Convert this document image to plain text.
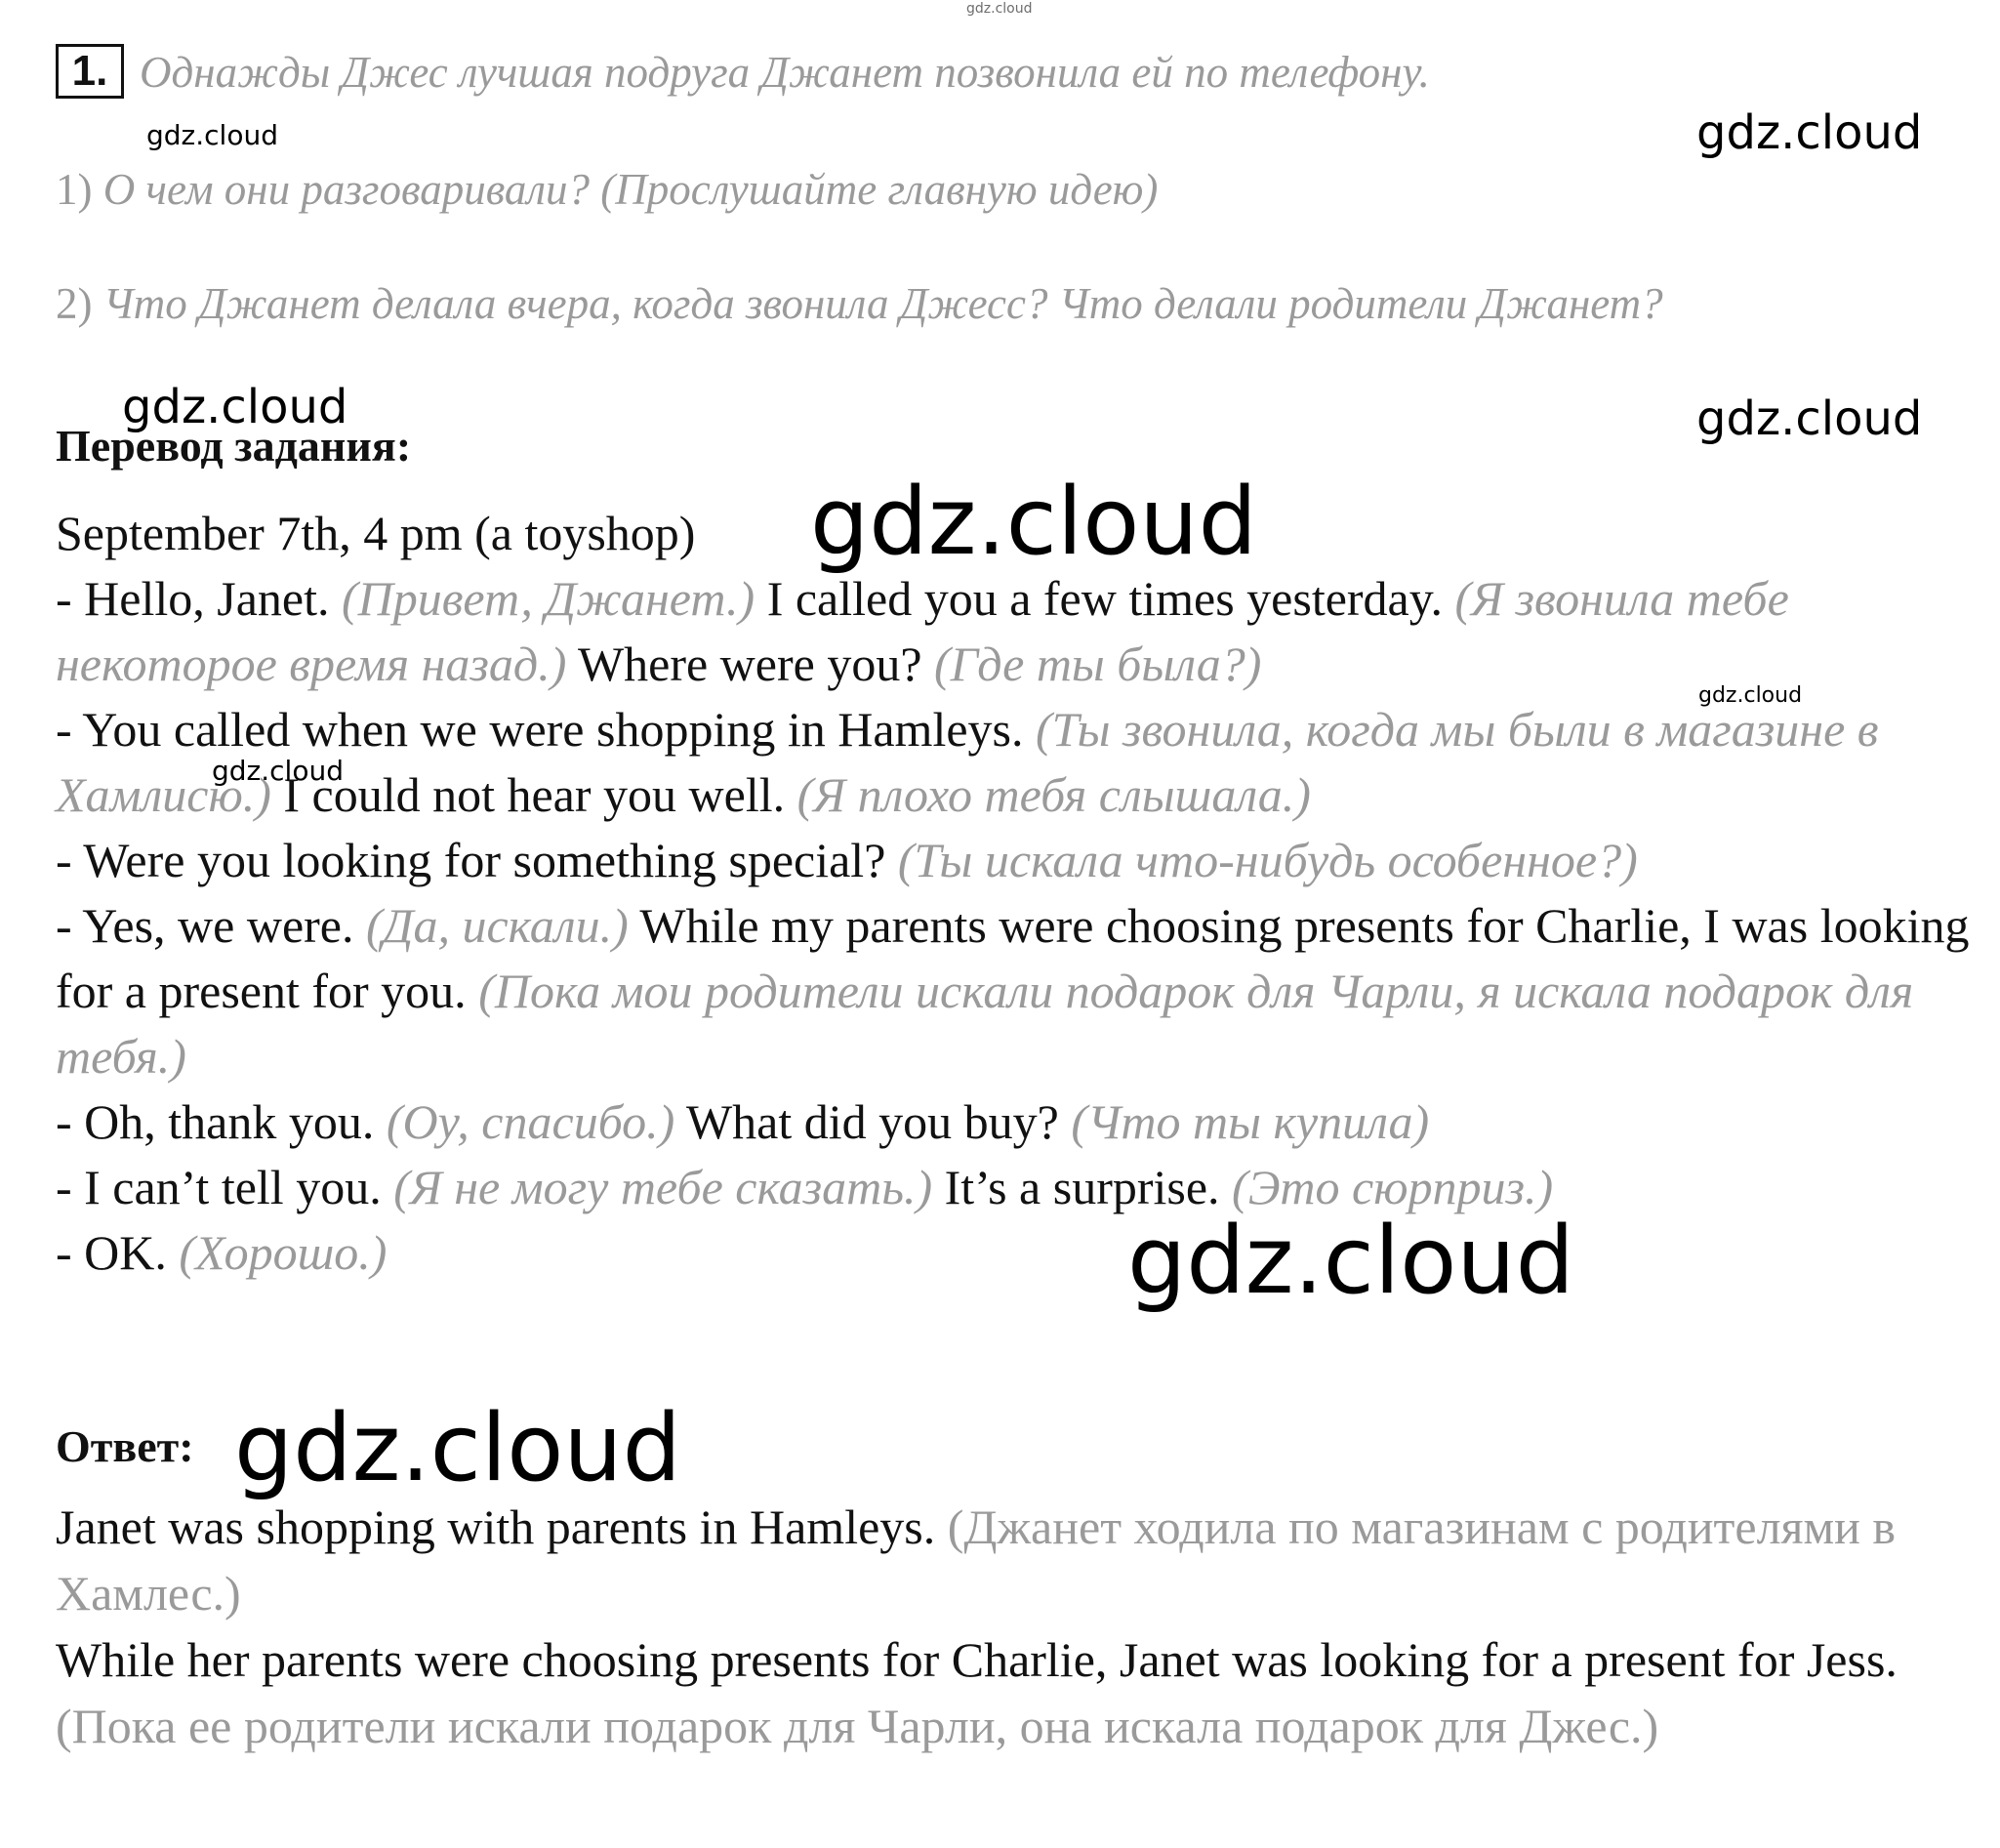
1. Однажды Джес лучшая подруга Джанет позвонила ей по телефону.
1) О чем они разговаривали? (Прослушайте главную идею)
2) Что Джанет делала вчера, когда звонила Джесс? Что делали родители Джанет?
Перевод задания:

September 7th, 4 pm (a toyshop)

- Hello, Janet. (Привет, Джанет.) I called you a few times yesterday. (Я звонила тебе некоторое время назад.) Where were you? (Где ты была?)

- You called when we were shopping in Hamleys. (Ты звонила, когда мы были в магазине в Хамлисю.) I could not hear you well. (Я плохо тебя слышала.)

- Were you looking for something special? (Ты искала что-нибудь особенное?)

- Yes, we were. (Да, искали.) While my parents were choosing presents for Charlie, I was looking for a present for you. (Пока мои родители искали подарок для Чарли, я искала подарок для тебя.)

- Oh, thank you. (Оу, спасибо.) What did you buy? (Что ты купила)

- I can’t tell you. (Я не могу тебе сказать.) It’s a surprise. (Это сюрприз.)

- OK. (Хорошо.)

Ответ:

Janet was shopping with parents in Hamleys. (Джанет ходила по магазинам с родителями в Хамлес.)

While her parents were choosing presents for Charlie, Janet was looking for a present for Jess. (Пока ее родители искали подарок для Чарли, она искала подарок для Джес.)

gdz.cloud
gdz.cloud	gdz.cloud
gdz.cloud	gdz.cloud
gdz.cloud
gdz.cloud
gdz.cloud
gdz.cloud
gdz.cloud
